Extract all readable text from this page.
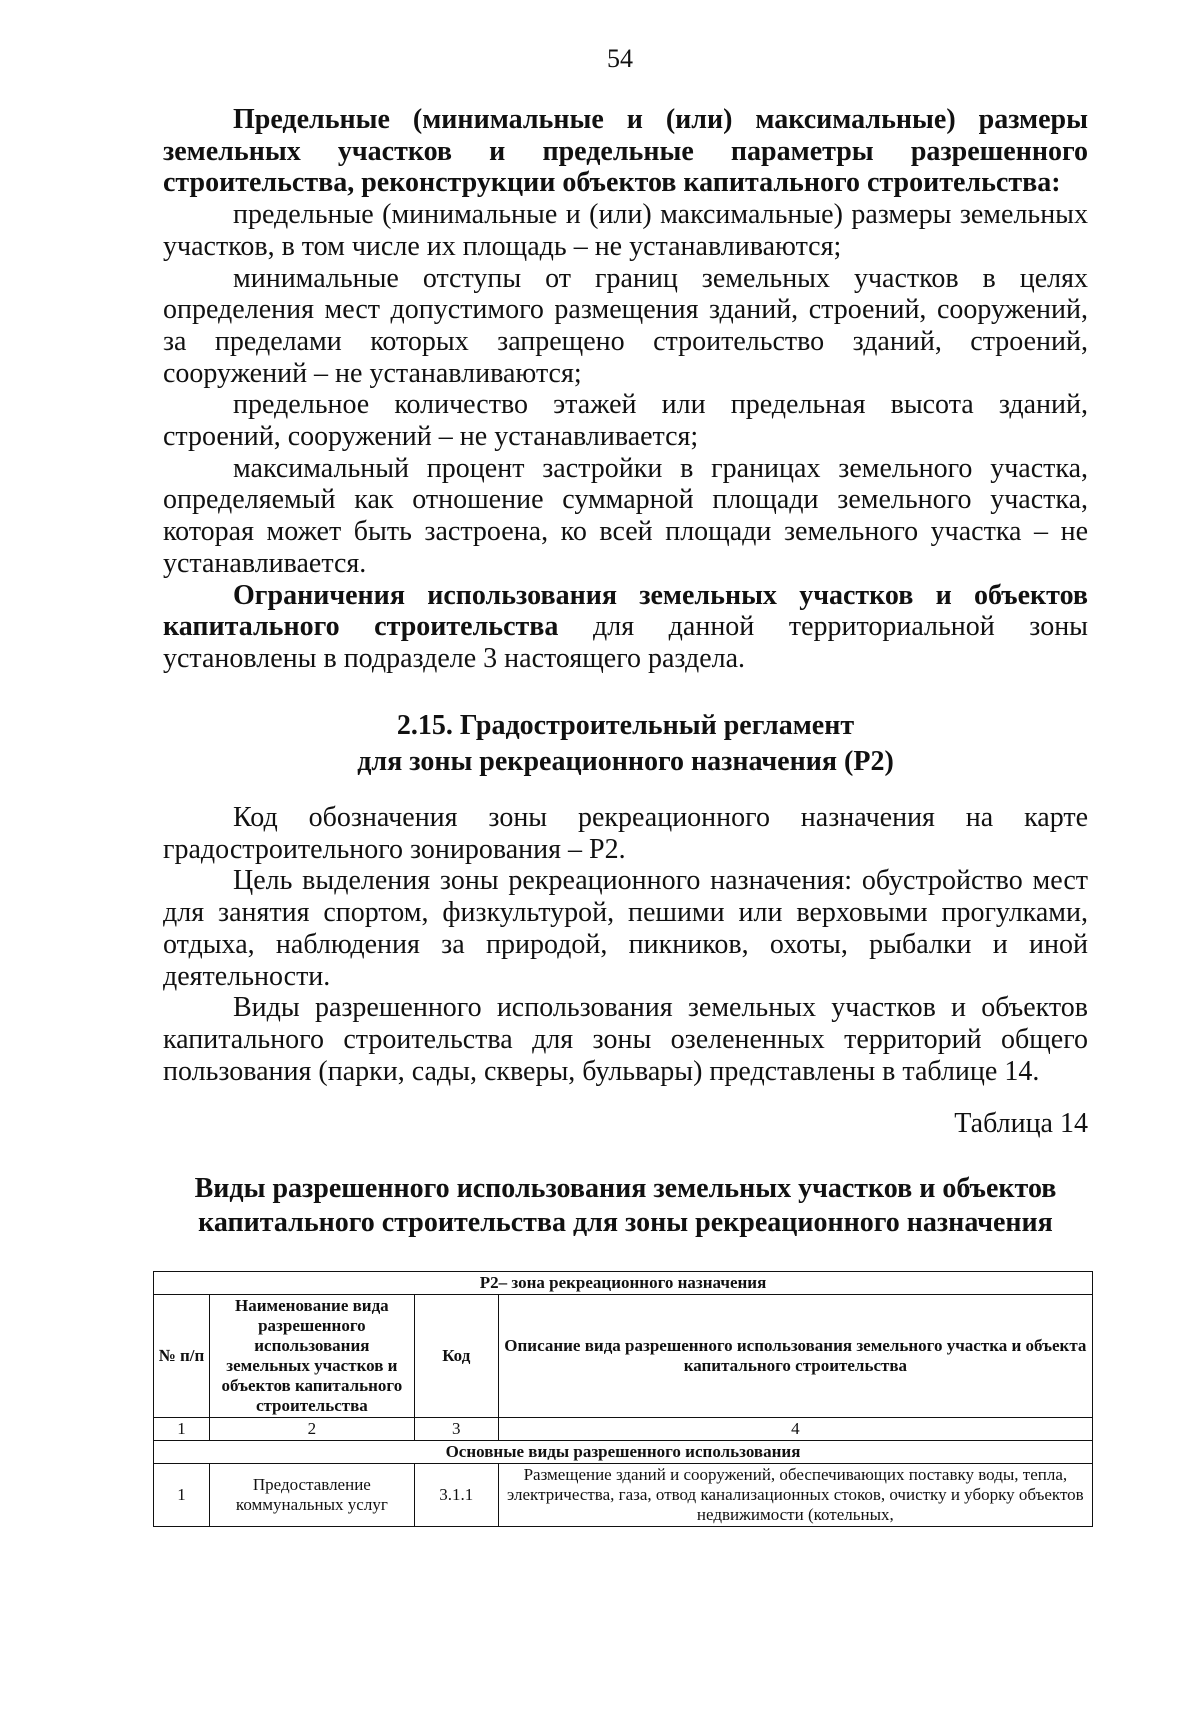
54
Предельные (минимальные и (или) максимальные) размеры земельных участков и предельные параметры разрешенного строительства, реконструкции объектов капитального строительства:
предельные (минимальные и (или) максимальные) размеры земельных участков, в том числе их площадь – не устанавливаются;
минимальные отступы от границ земельных участков в целях определения мест допустимого размещения зданий, строений, сооружений, за пределами которых запрещено строительство зданий, строений, сооружений – не устанавливаются;
предельное количество этажей или предельная высота зданий, строений, сооружений – не устанавливается;
максимальный процент застройки в границах земельного участка, определяемый как отношение суммарной площади земельного участка, которая может быть застроена, ко всей площади земельного участка – не устанавливается.
Ограничения использования земельных участков и объектов капитального строительства для данной территориальной зоны установлены в подразделе 3 настоящего раздела.
2.15. Градостроительный регламент
для зоны рекреационного назначения (Р2)
Код обозначения зоны рекреационного назначения на карте градостроительного зонирования – Р2.
Цель выделения зоны рекреационного назначения: обустройство мест для занятия спортом, физкультурой, пешими или верховыми прогулками, отдыха, наблюдения за природой, пикников, охоты, рыбалки и иной деятельности.
Виды разрешенного использования земельных участков и объектов капитального строительства для зоны озелененных территорий общего пользования (парки, сады, скверы, бульвары) представлены в таблице 14.
Таблица 14
Виды разрешенного использования земельных участков и объектов
капитального строительства для зоны рекреационного назначения
Р2– зона рекреационного назначения			
№ п/п	Наименование вида разрешенного использования земельных участков и объектов капитального строительства	Код	Описание вида разрешенного использования земельного участка и объекта капитального строительства
1	2	3	4
Основные виды разрешенного использования			
1	Предоставление коммунальных услуг	3.1.1	Размещение зданий и сооружений, обеспечивающих поставку воды, тепла, электричества, газа, отвод канализационных стоков, очистку и уборку объектов недвижимости (котельных,
